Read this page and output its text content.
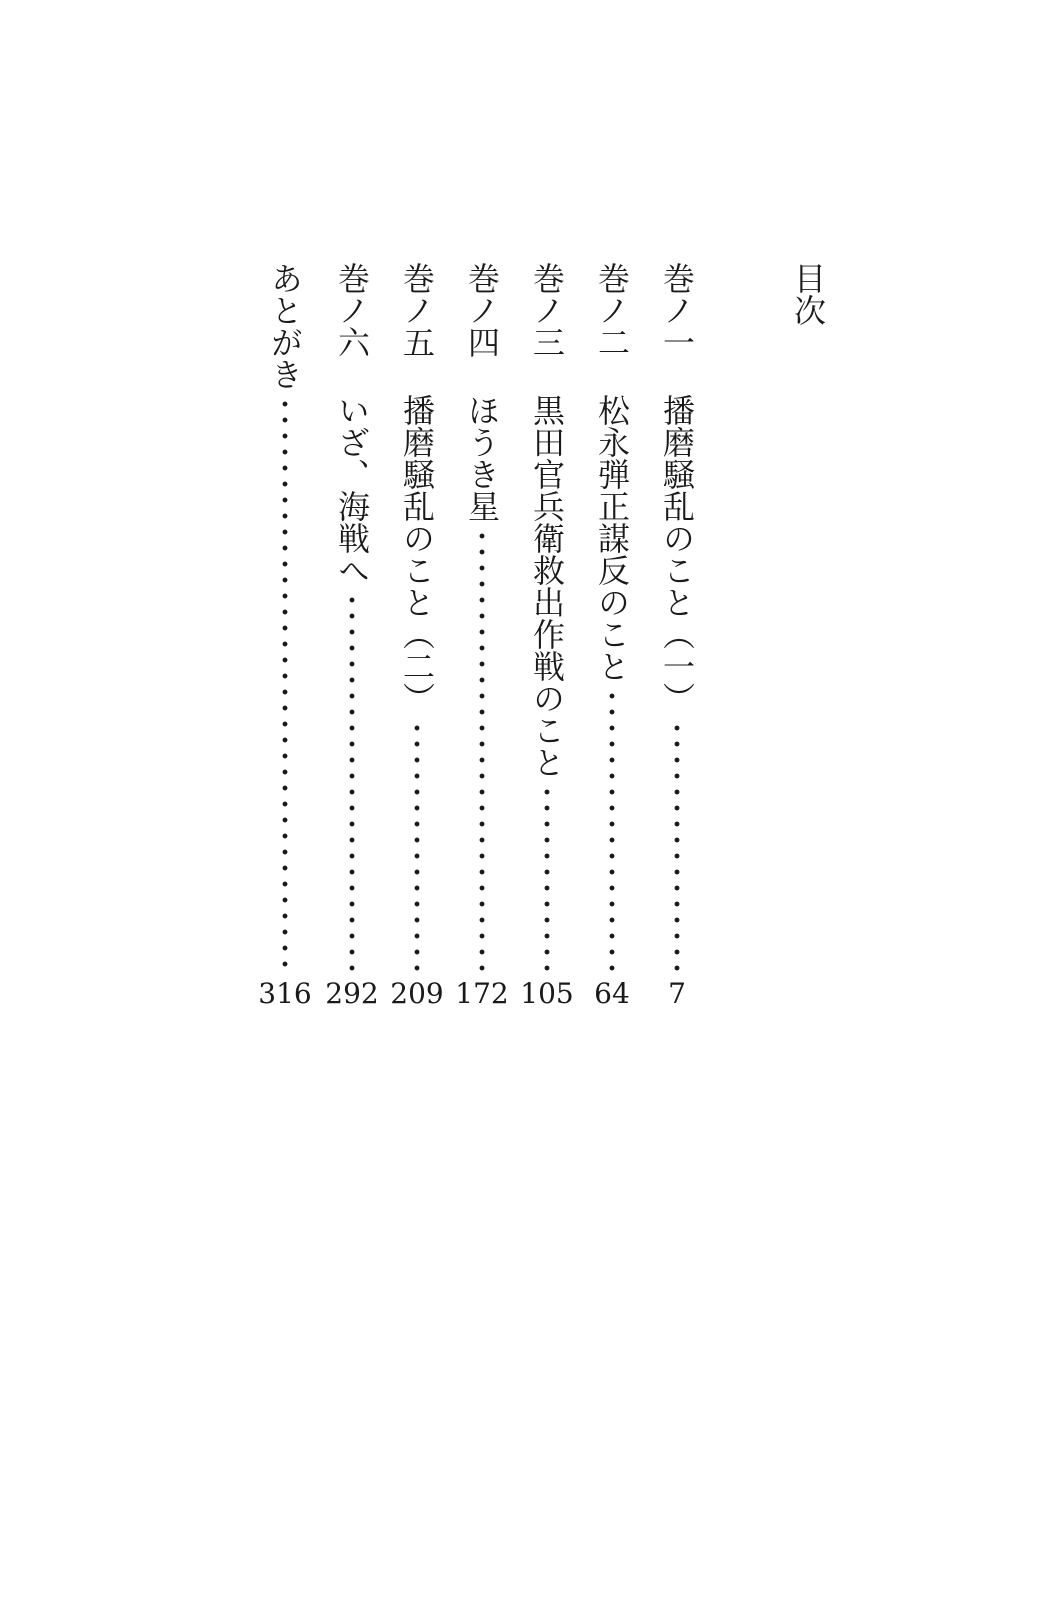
目次
巻ノ一
播磨騒乱のこと（一）
7
巻ノ二
松永弾正謀反のこと
64
巻ノ三
黒田官兵衛救出作戦のこと
105
巻ノ四
ほうき星
172
巻ノ五
播磨騒乱のこと（二）
209
巻ノ六
いざ、海戦へ
292
あとがき
316
